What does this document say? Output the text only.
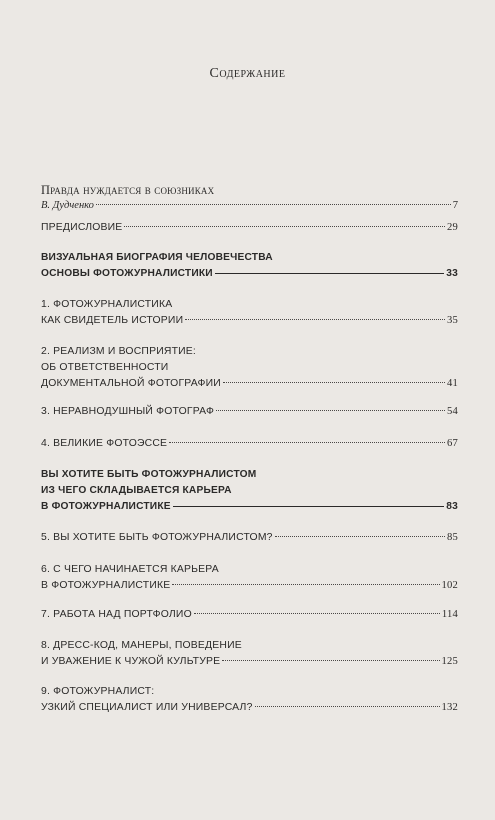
Содержание
Правда нуждается в союзниках
В. Дудченко	7
ПРЕДИСЛОВИЕ	29
ВИЗУАЛЬНАЯ БИОГРАФИЯ ЧЕЛОВЕЧЕСТВА
ОСНОВЫ ФОТОЖУРНАЛИСТИКИ	33
1. ФОТОЖУРНАЛИСТИКА
КАК СВИДЕТЕЛЬ ИСТОРИИ	35
2. РЕАЛИЗМ И ВОСПРИЯТИЕ:
ОБ ОТВЕТСТВЕННОСТИ
ДОКУМЕНТАЛЬНОЙ ФОТОГРАФИИ	41
3. НЕРАВНОДУШНЫЙ ФОТОГРАФ	54
4. ВЕЛИКИЕ ФОТОЭССЕ	67
ВЫ ХОТИТЕ БЫТЬ ФОТОЖУРНАЛИСТОМ
ИЗ ЧЕГО СКЛАДЫВАЕТСЯ КАРЬЕРА
В ФОТОЖУРНАЛИСТИКЕ	83
5. ВЫ ХОТИТЕ БЫТЬ ФОТОЖУРНАЛИСТОМ?	85
6. С ЧЕГО НАЧИНАЕТСЯ КАРЬЕРА
В ФОТОЖУРНАЛИСТИКЕ	102
7. РАБОТА НАД ПОРТФОЛИО	114
8. ДРЕСС-КОД, МАНЕРЫ, ПОВЕДЕНИЕ
И УВАЖЕНИЕ К ЧУЖОЙ КУЛЬТУРЕ	125
9. ФОТОЖУРНАЛИСТ:
УЗКИЙ СПЕЦИАЛИСТ ИЛИ УНИВЕРСАЛ?	132
